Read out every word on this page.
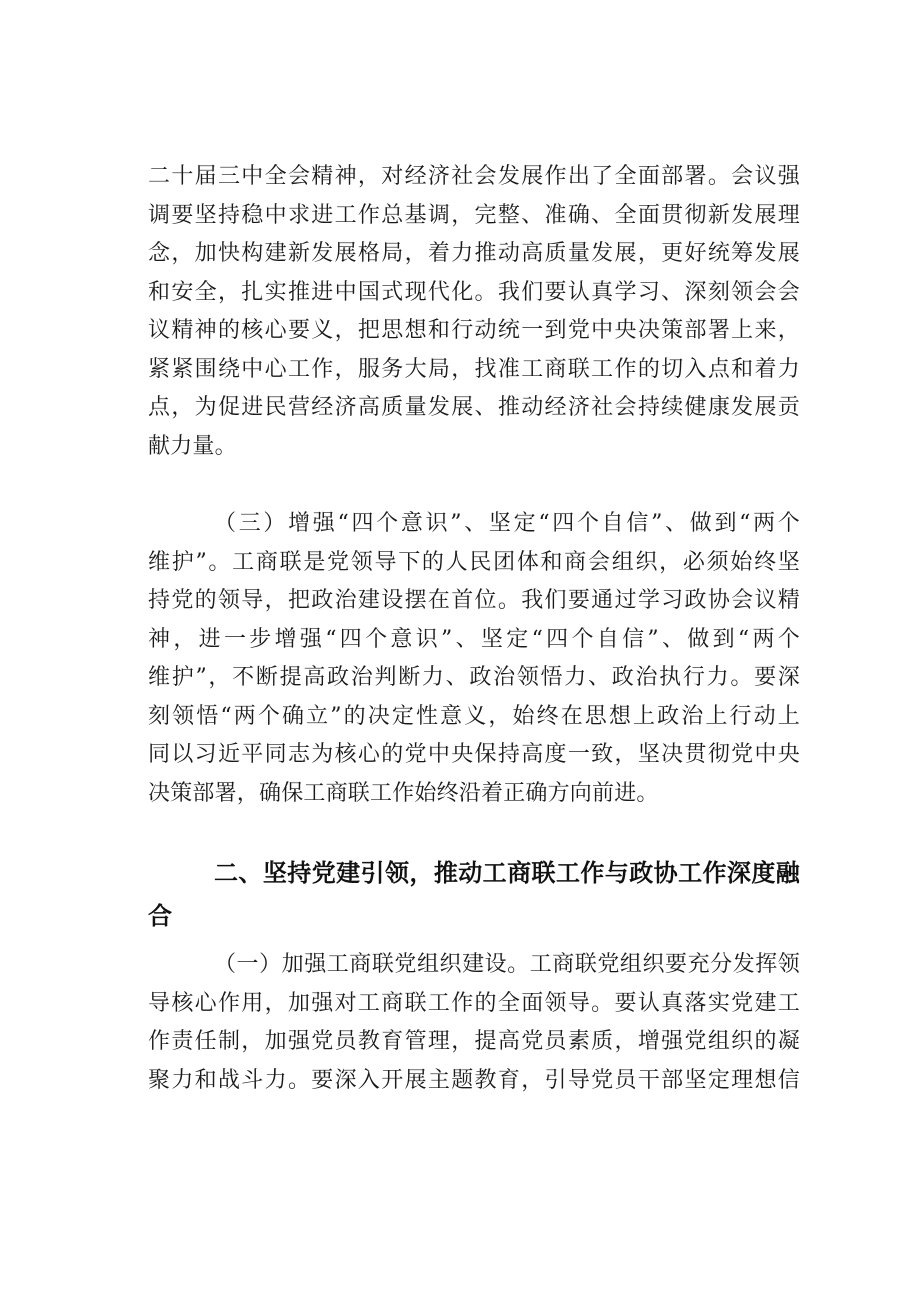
二十届三中全会精神，对经济社会发展作出了全面部署。会议强
调要坚持稳中求进工作总基调，完整、准确、全面贯彻新发展理
念，加快构建新发展格局，着力推动高质量发展，更好统筹发展
和安全，扎实推进中国式现代化。我们要认真学习、深刻领会会
议精神的核心要义，把思想和行动统一到党中央决策部署上来，
紧紧围绕中心工作，服务大局，找准工商联工作的切入点和着力
点，为促进民营经济高质量发展、推动经济社会持续健康发展贡
献力量。
（三）增强“四个意识”、坚定“四个自信”、做到“两个
维护”。工商联是党领导下的人民团体和商会组织，必须始终坚
持党的领导，把政治建设摆在首位。我们要通过学习政协会议精
神，进一步增强“四个意识”、坚定“四个自信”、做到“两个
维护”，不断提高政治判断力、政治领悟力、政治执行力。要深
刻领悟“两个确立”的决定性意义，始终在思想上政治上行动上
同以习近平同志为核心的党中央保持高度一致，坚决贯彻党中央
决策部署，确保工商联工作始终沿着正确方向前进。
二、坚持党建引领，推动工商联工作与政协工作深度融
合
（一）加强工商联党组织建设。工商联党组织要充分发挥领
导核心作用，加强对工商联工作的全面领导。要认真落实党建工
作责任制，加强党员教育管理，提高党员素质，增强党组织的凝
聚力和战斗力。要深入开展主题教育，引导党员干部坚定理想信
